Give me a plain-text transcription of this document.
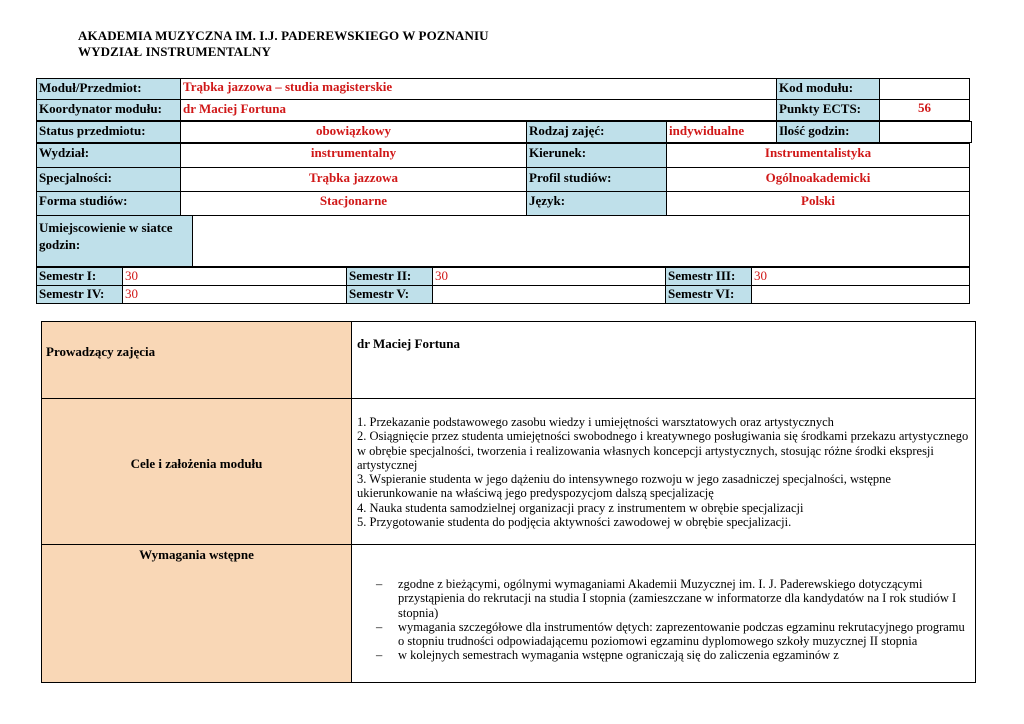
AKADEMIA MUZYCZNA IM. I.J. PADEREWSKIEGO W POZNANIU
WYDZIAŁ INSTRUMENTALNY
Moduł/Przedmiot:	Trąbka jazzowa – studia magisterskie	Kod modułu:
Koordynator modułu:	dr Maciej Fortuna	Punkty ECTS:	56
Status przedmiotu:	obowiązkowy	Rodzaj zajęć:	indywidualne	Ilość godzin:
Wydział:	instrumentalny	Kierunek:	Instrumentalistyka
Specjalności:	Trąbka jazzowa	Profil studiów:	Ogólnoakademicki
Forma studiów:	Stacjonarne	Język:	Polski
Umiejscowienie w siatce godzin:
Semestr I:	30	Semestr II:	30	Semestr III:	30
Semestr IV:	30	Semestr V:	Semestr VI:
Prowadzący zajęcia
dr Maciej Fortuna
Cele i założenia modułu

1. Przekazanie podstawowego zasobu wiedzy i umiejętności warsztatowych oraz artystycznych

2. Osiągnięcie przez studenta umiejętności swobodnego i kreatywnego posługiwania się środkami przekazu artystycznego w obrębie specjalności, tworzenia i realizowania własnych koncepcji artystycznych, stosując różne środki ekspresji artystycznej

3. Wspieranie studenta w jego dążeniu do intensywnego rozwoju w jego zasadniczej specjalności, wstępne ukierunkowanie na właściwą jego predyspozycjom dalszą specjalizację

4. Nauka studenta samodzielnej organizacji pracy z instrumentem w obrębie specjalizacji

5. Przygotowanie studenta do podjęcia aktywności zawodowej w obrębie specjalizacji.

Wymagania wstępne
– zgodne z bieżącymi, ogólnymi wymaganiami Akademii Muzycznej im. I. J. Paderewskiego dotyczącymi przystąpienia do rekrutacji na studia I stopnia (zamieszczane w informatorze dla kandydatów na I rok studiów I stopnia)
– wymagania szczegółowe dla instrumentów dętych: zaprezentowanie podczas egzaminu rekrutacyjnego programu o stopniu trudności odpowiadającemu poziomowi egzaminu dyplomowego szkoły muzycznej II stopnia
– w kolejnych semestrach wymagania wstępne ograniczają się do zaliczenia egzaminów z
